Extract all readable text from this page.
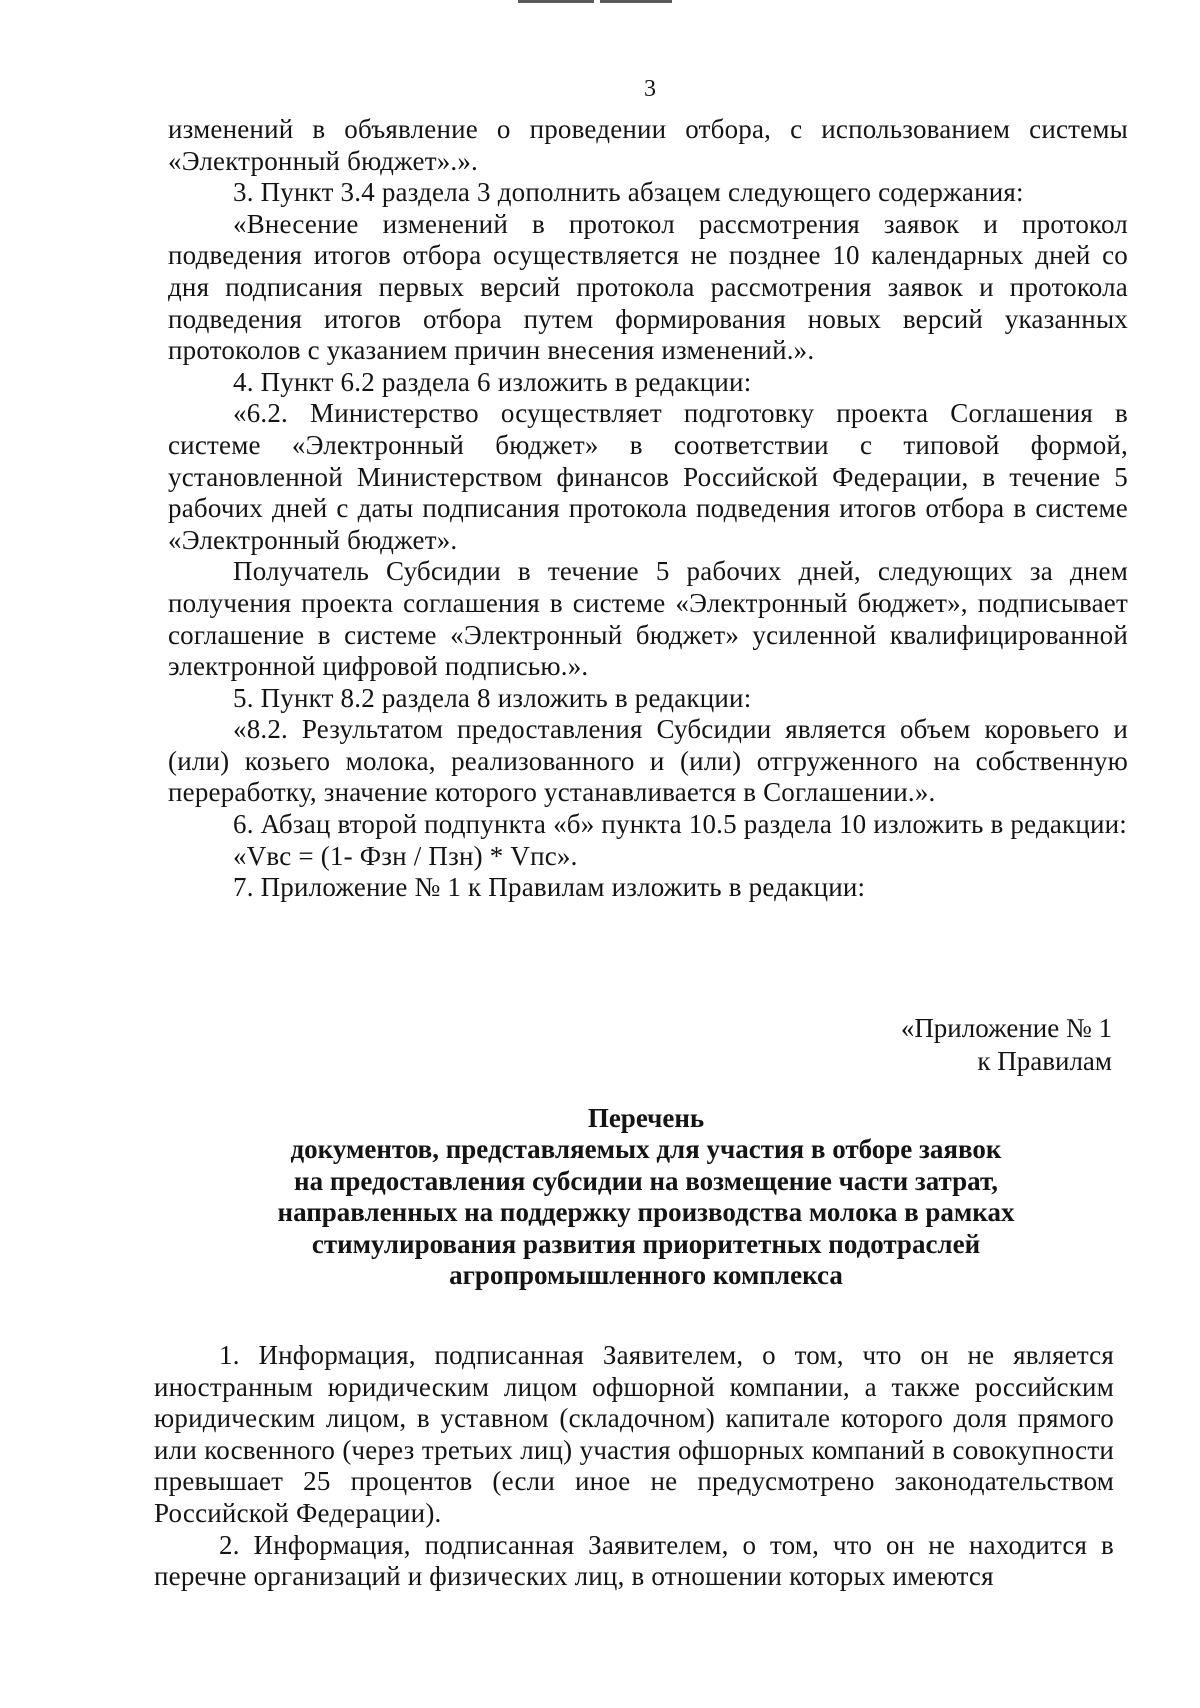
3

изменений в объявление о проведении отбора, с использованием системы «Электронный бюджет».».

3. Пункт 3.4 раздела 3 дополнить абзацем следующего содержания:

«Внесение изменений в протокол рассмотрения заявок и протокол подведения итогов отбора осуществляется не позднее 10 календарных дней со дня подписания первых версий протокола рассмотрения заявок и протокола подведения итогов отбора путем формирования новых версий указанных протоколов с указанием причин внесения изменений.».

4. Пункт 6.2 раздела 6 изложить в редакции:

«6.2. Министерство осуществляет подготовку проекта Соглашения в системе «Электронный бюджет» в соответствии с типовой формой, установленной Министерством финансов Российской Федерации, в течение 5 рабочих дней с даты подписания протокола подведения итогов отбора в системе «Электронный бюджет».

Получатель Субсидии в течение 5 рабочих дней, следующих за днем получения проекта соглашения в системе «Электронный бюджет», подписывает соглашение в системе «Электронный бюджет» усиленной квалифицированной электронной цифровой подписью.».

5. Пункт 8.2 раздела 8 изложить в редакции:

«8.2. Результатом предоставления Субсидии является объем коровьего и (или) козьего молока, реализованного и (или) отгруженного на собственную переработку, значение которого устанавливается в Соглашении.».

6. Абзац второй подпункта «б» пункта 10.5 раздела 10 изложить в редакции:

«Vвс = (1- Фзн / Пзн) * Vпс».

7. Приложение № 1 к Правилам изложить в редакции:

«Приложение № 1
к Правилам
Перечень
документов, представляемых для участия в отборе заявок
на предоставления субсидии на возмещение части затрат,
направленных на поддержку производства молока в рамках
стимулирования развития приоритетных подотраслей
агропромышленного комплекса

1. Информация, подписанная Заявителем, о том, что он не является иностранным юридическим лицом офшорной компании, а также российским юридическим лицом, в уставном (складочном) капитале которого доля прямого или косвенного (через третьих лиц) участия офшорных компаний в совокупности превышает 25 процентов (если иное не предусмотрено законодательством Российской Федерации).

2. Информация, подписанная Заявителем, о том, что он не находится в перечне организаций и физических лиц, в отношении которых имеются
